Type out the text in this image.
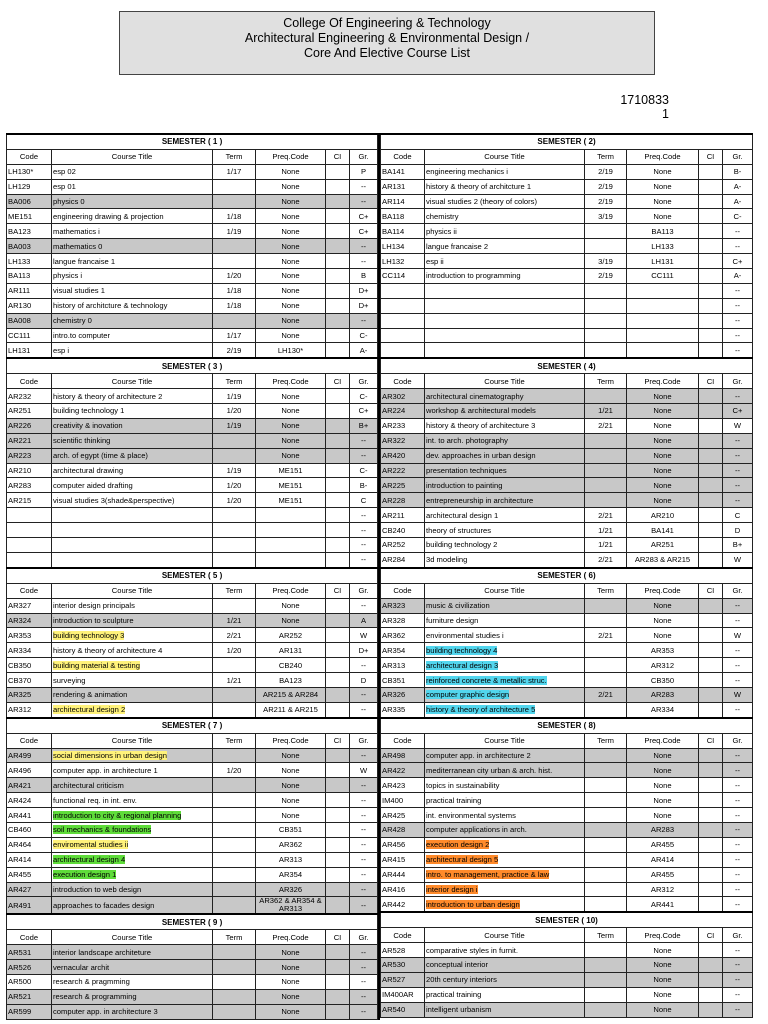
College Of Engineering & Technology
Architectural Engineering & Environmental Design /
Core And Elective Course List
1710833
1
SEMESTER ( 1 )					
Code	Course Title	Term	Preq.Code	CI	Gr.
LH130*	esp 02	1/17	None		P
LH129	esp 01		None		--
BA006	physics 0		None		--
ME151	engineering drawing & projection	1/18	None		C+
BA123	mathematics i	1/19	None		C+
BA003	mathematics 0		None		--
LH133	langue francaise 1		None		--
BA113	physics i	1/20	None		B
AR111	visual studies 1	1/18	None		D+
AR130	history of architcture & technology	1/18	None		D+
BA008	chemistry 0		None		--
CC111	intro.to computer	1/17	None		C-
LH131	esp i	2/19	LH130*		A-
SEMESTER ( 3 )					
Code	Course Title	Term	Preq.Code	CI	Gr.
AR232	history & theory of architecture 2	1/19	None		C-
AR251	building technology 1	1/20	None		C+
AR226	creativity & inovation	1/19	None		B+
AR221	scientific thinking		None		--
AR223	arch. of egypt (time & place)		None		--
AR210	architectural drawing	1/19	ME151		C-
AR283	computer aided drafting	1/20	ME151		B-
AR215	visual studies 3(shade&perspective)	1/20	ME151		C
					--
					--
					--
					--
SEMESTER ( 5 )					
Code	Course Title	Term	Preq.Code	CI	Gr.
AR327	interior design principals		None		--
AR324	introduction to sculpture	1/21	None		A
AR353	building technology 3	2/21	AR252		W
AR334	history & theory of architecture 4	1/20	AR131		D+
CB350	building material & testing		CB240		--
CB370	surveying	1/21	BA123		D
AR325	rendering & animation		AR215 & AR284		--
AR312	architectural design 2		AR211 & AR215		--
SEMESTER ( 7 )					
Code	Course Title	Term	Preq.Code	CI	Gr.
AR499	social dimensions in urban design		None		--
AR496	computer app. in architecture 1	1/20	None		W
AR421	architectural criticism		None		--
AR424	functional req. in int. env.		None		--
AR441	introduction to city & regional planning		None		--
CB460	soil mechanics & foundations		CB351		--
AR464	enviromental studies ii		AR362		--
AR414	architectural design 4		AR313		--
AR455	execution design 1		AR354		--
AR427	introduction to web design		AR326		--
AR491	approaches to facades design		AR362 & AR354 & AR313		--
SEMESTER ( 9 )					
Code	Course Title	Term	Preq.Code	CI	Gr.
AR531	interior landscape architeture		None		--
AR526	vernacular archit		None		--
AR500	research & pragmming		None		--
AR521	research & programming		None		--
AR599	computer app. in architecture 3		None		--
SEMESTER ( 2)					
Code	Course Title	Term	Preq.Code	CI	Gr.
BA141	engineering mechanics i	2/19	None		B-
AR131	history & theory of architcture 1	2/19	None		A-
AR114	visual studies 2 (theory of colors)	2/19	None		A-
BA118	chemistry	3/19	None		C-
BA114	physics ii		BA113		--
LH134	langue francaise 2		LH133		--
LH132	esp ii	3/19	LH131		C+
CC114	introduction to programming	2/19	CC111		A-
					--
					--
					--
					--
					--
SEMESTER ( 4)					
Code	Course Title	Term	Preq.Code	CI	Gr.
AR302	architectural cinematography		None		--
AR224	workshop & architectural models	1/21	None		C+
AR233	history & theory of architecture 3	2/21	None		W
AR322	int. to arch. photography		None		--
AR420	dev. approaches in urban design		None		--
AR222	presentation techniques		None		--
AR225	introduction to painting		None		--
AR228	entrepreneurship in architecture		None		--
AR211	architectural design 1	2/21	AR210		C
CB240	theory of structures	1/21	BA141		D
AR252	building technology 2	1/21	AR251		B+
AR284	3d modeling	2/21	AR283 & AR215		W
SEMESTER ( 6)					
Code	Course Title	Term	Preq.Code	CI	Gr.
AR323	music & civilization		None		--
AR328	furniture design		None		--
AR362	environmental studies i	2/21	None		W
AR354	building technology 4		AR353		--
AR313	architectural design 3		AR312		--
CB351	reinforced concrete & metallic struc.		CB350		--
AR326	computer graphic design	2/21	AR283		W
AR335	history & theory of architecture 5		AR334		--
SEMESTER ( 8)					
Code	Course Title	Term	Preq.Code	CI	Gr.
AR498	computer app. in architecture 2		None		--
AR422	mediterranean city urban & arch. hist.		None		--
AR423	topics in sustainability		None		--
IM400	practical training		None		--
AR425	int. environmental systems		None		--
AR428	computer applications in arch.		AR283		--
AR456	execution design 2		AR455		--
AR415	architectural design 5		AR414		--
AR444	intro. to management, practice & law		AR455		--
AR416	interior design i		AR312		--
AR442	introduction to urban design		AR441		--
SEMESTER ( 10)					
Code	Course Title	Term	Preq.Code	CI	Gr.
AR528	comparative styles in furnit.		None		--
AR530	conceptual interior		None		--
AR527	20th century interiors		None		--
IM400AR	practical training		None		--
AR540	intelligent urbanism		None		--
